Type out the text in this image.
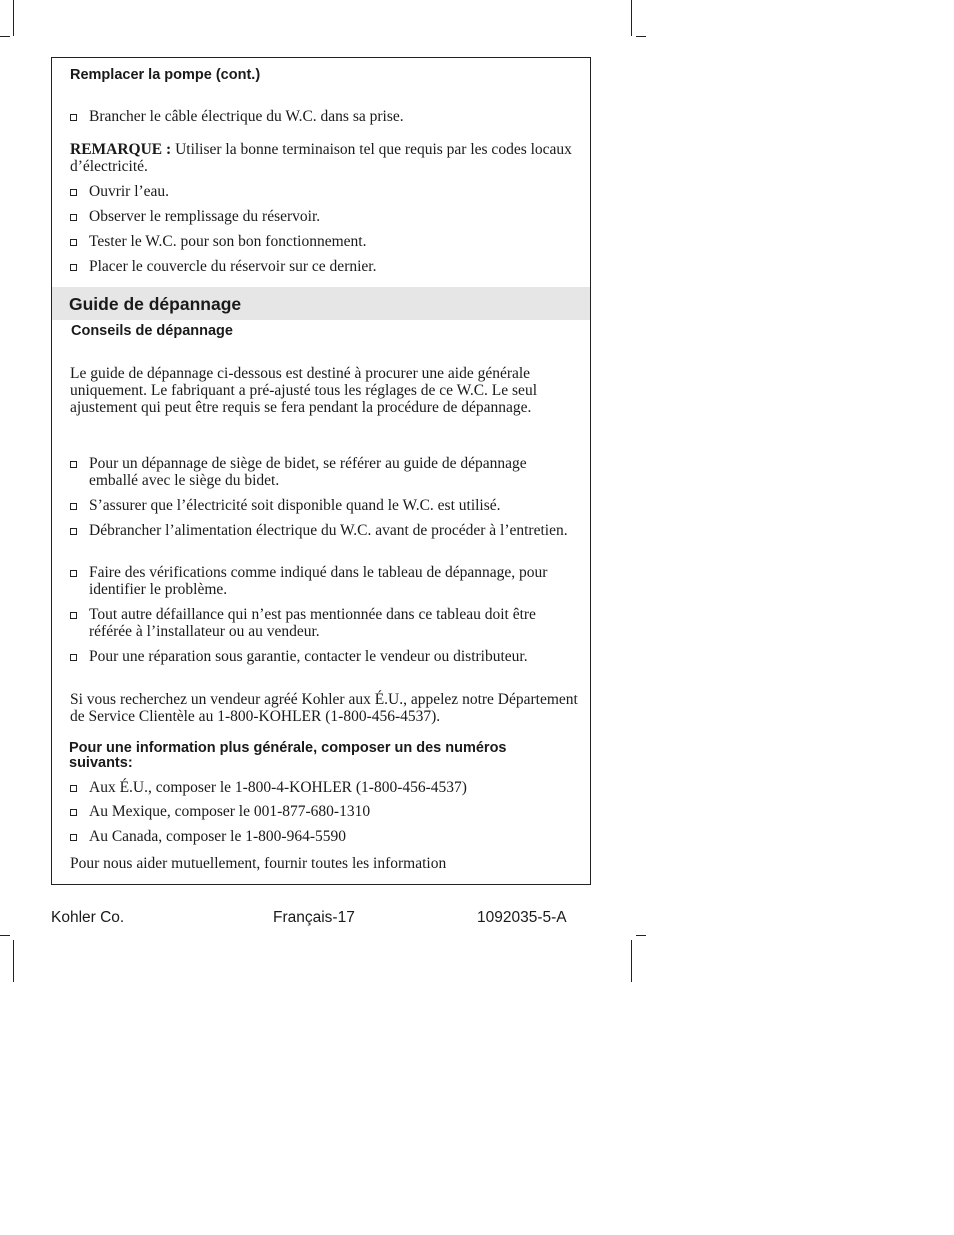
Remplacer la pompe (cont.)
Brancher le câble électrique du W.C. dans sa prise.
REMARQUE : Utiliser la bonne terminaison tel que requis par les codes locaux d’électricité.
Ouvrir l’eau.
Observer le remplissage du réservoir.
Tester le W.C. pour son bon fonctionnement.
Placer le couvercle du réservoir sur ce dernier.
Guide de dépannage
Conseils de dépannage
Le guide de dépannage ci-dessous est destiné à procurer une aide générale uniquement. Le fabriquant a pré-ajusté tous les réglages de ce W.C. Le seul ajustement qui peut être requis se fera pendant la procédure de dépannage.
Pour un dépannage de siège de bidet, se référer au guide de dépannage emballé avec le siège du bidet.
S’assurer que l’électricité soit disponible quand le W.C. est utilisé.
Débrancher l’alimentation électrique du W.C. avant de procéder à l’entretien.
Faire des vérifications comme indiqué dans le tableau de dépannage, pour identifier le problème.
Tout autre défaillance qui n’est pas mentionnée dans ce tableau doit être référée à l’installateur ou au vendeur.
Pour une réparation sous garantie, contacter le vendeur ou distributeur.
Si vous recherchez un vendeur agréé Kohler aux É.U., appelez notre Département de Service Clientèle au 1-800-KOHLER (1-800-456-4537).
Pour une information plus générale, composer un des numéros suivants:
Aux É.U., composer le 1-800-4-KOHLER (1-800-456-4537)
Au Mexique, composer le 001-877-680-1310
Au Canada, composer le 1-800-964-5590
Pour nous aider mutuellement, fournir toutes les information
Kohler Co.	Français-17	1092035-5-A
